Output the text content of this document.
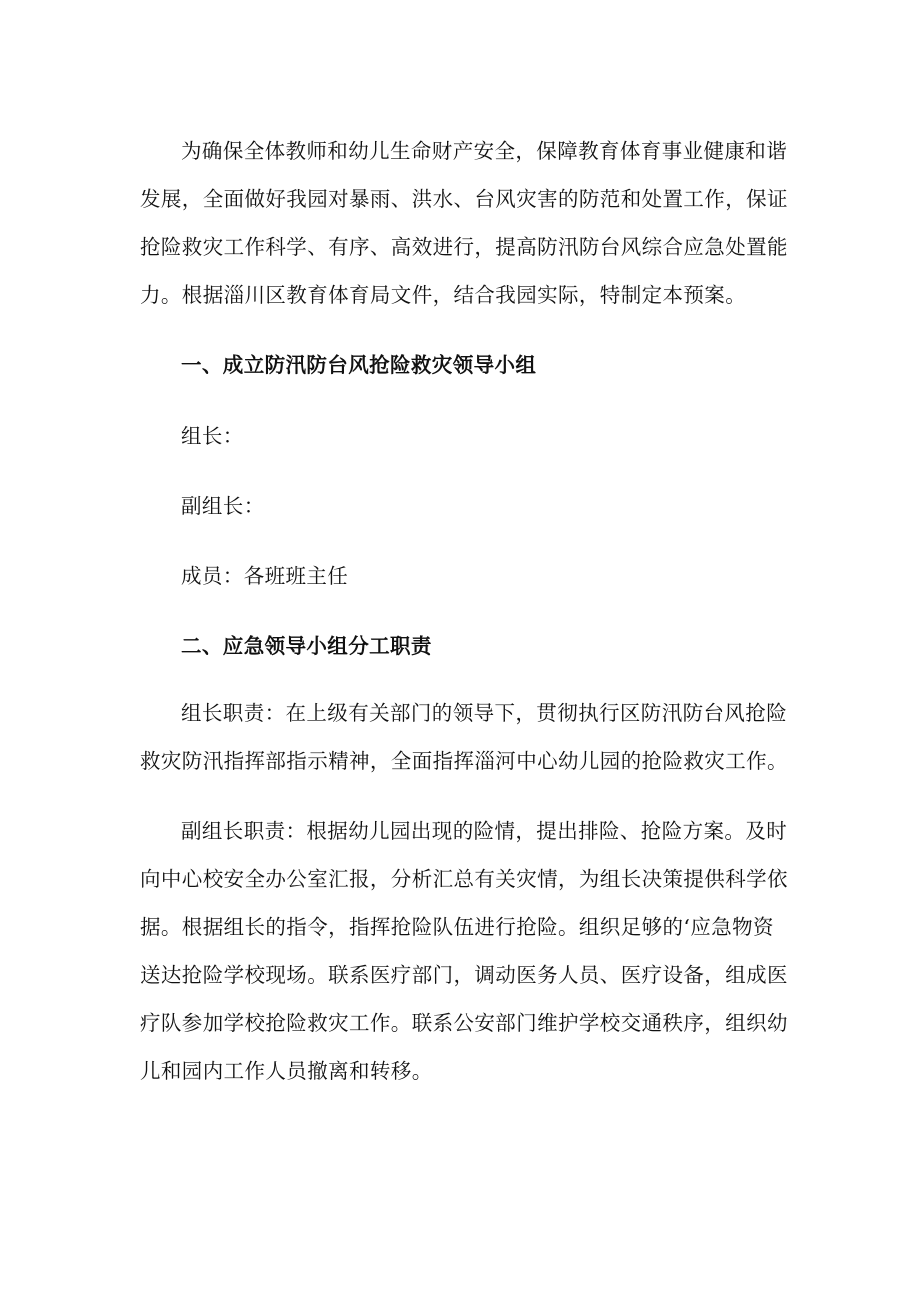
为确保全体教师和幼儿生命财产安全，保障教育体育事业健康和谐发展，全面做好我园对暴雨、洪水、台风灾害的防范和处置工作，保证抢险救灾工作科学、有序、高效进行，提高防汛防台风综合应急处置能力。根据淄川区教育体育局文件，结合我园实际，特制定本预案。

一、成立防汛防台风抢险救灾领导小组

组长：

副组长：

成员：各班班主任

二、应急领导小组分工职责

组长职责：在上级有关部门的领导下，贯彻执行区防汛防台风抢险救灾防汛指挥部指示精神，全面指挥淄河中心幼儿园的抢险救灾工作。

副组长职责：根据幼儿园出现的险情，提出排险、抢险方案。及时向中心校安全办公室汇报，分析汇总有关灾情，为组长决策提供科学依据。根据组长的指令，指挥抢险队伍进行抢险。组织足够的‘应急物资送达抢险学校现场。联系医疗部门，调动医务人员、医疗设备，组成医疗队参加学校抢险救灾工作。联系公安部门维护学校交通秩序，组织幼儿和园内工作人员撤离和转移。
